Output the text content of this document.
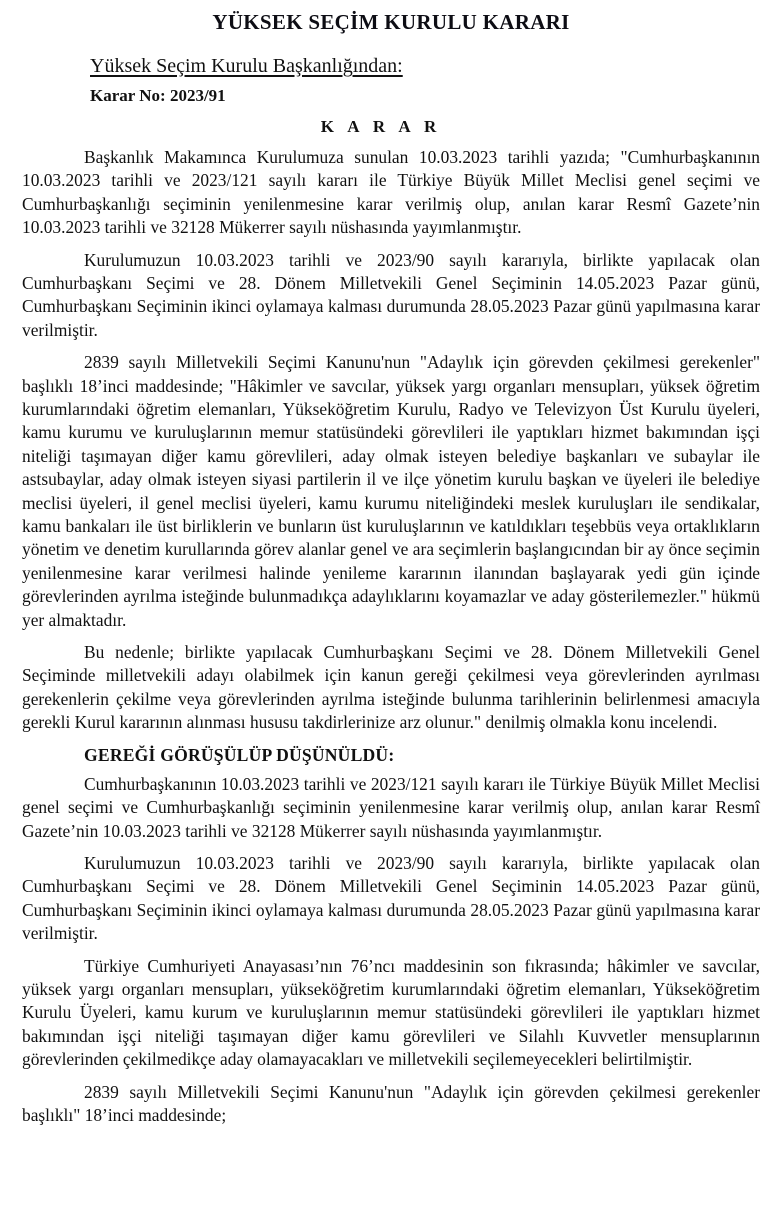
YÜKSEK SEÇİM KURULU KARARI
Yüksek Seçim Kurulu Başkanlığından:
Karar No: 2023/91
K A R A R

Başkanlık Makamınca Kurulumuza sunulan 10.03.2023 tarihli yazıda; "Cumhurbaşkanının 10.03.2023 tarihli ve 2023/121 sayılı kararı ile Türkiye Büyük Millet Meclisi genel seçimi ve Cumhurbaşkanlığı seçiminin yenilenmesine karar verilmiş olup, anılan karar Resmî Gazete’nin 10.03.2023 tarihli ve 32128 Mükerrer sayılı nüshasında yayımlanmıştır.

Kurulumuzun 10.03.2023 tarihli ve 2023/90 sayılı kararıyla, birlikte yapılacak olan Cumhurbaşkanı Seçimi ve 28. Dönem Milletvekili Genel Seçiminin 14.05.2023 Pazar günü, Cumhurbaşkanı Seçiminin ikinci oylamaya kalması durumunda 28.05.2023 Pazar günü yapılmasına karar verilmiştir.

2839 sayılı Milletvekili Seçimi Kanunu'nun "Adaylık için görevden çekilmesi gerekenler" başlıklı 18’inci maddesinde; "Hâkimler ve savcılar, yüksek yargı organları mensupları, yüksek öğretim kurumlarındaki öğretim elemanları, Yükseköğretim Kurulu, Radyo ve Televizyon Üst Kurulu üyeleri, kamu kurumu ve kuruluşlarının memur statüsündeki görevlileri ile yaptıkları hizmet bakımından işçi niteliği taşımayan diğer kamu görevlileri, aday olmak isteyen belediye başkanları ve subaylar ile astsubaylar, aday olmak isteyen siyasi partilerin il ve ilçe yönetim kurulu başkan ve üyeleri ile belediye meclisi üyeleri, il genel meclisi üyeleri, kamu kurumu niteliğindeki meslek kuruluşları ile sendikalar, kamu bankaları ile üst birliklerin ve bunların üst kuruluşlarının ve katıldıkları teşebbüs veya ortaklıkların yönetim ve denetim kurullarında görev alanlar genel ve ara seçimlerin başlangıcından bir ay önce seçimin yenilenmesine karar verilmesi halinde yenileme kararının ilanından başlayarak yedi gün içinde görevlerinden ayrılma isteğinde bulunmadıkça adaylıklarını koyamazlar ve aday gösterilemezler." hükmü yer almaktadır.

Bu nedenle; birlikte yapılacak Cumhurbaşkanı Seçimi ve 28. Dönem Milletvekili Genel Seçiminde milletvekili adayı olabilmek için kanun gereği çekilmesi veya görevlerinden ayrılması gerekenlerin çekilme veya görevlerinden ayrılma isteğinde bulunma tarihlerinin belirlenmesi amacıyla gerekli Kurul kararının alınması hususu takdirlerinize arz olunur." denilmiş olmakla konu incelendi.

GEREĞİ GÖRÜŞÜLÜP DÜŞÜNÜLDÜ:

Cumhurbaşkanının 10.03.2023 tarihli ve 2023/121 sayılı kararı ile Türkiye Büyük Millet Meclisi genel seçimi ve Cumhurbaşkanlığı seçiminin yenilenmesine karar verilmiş olup, anılan karar Resmî Gazete’nin 10.03.2023 tarihli ve 32128 Mükerrer sayılı nüshasında yayımlanmıştır.

Kurulumuzun 10.03.2023 tarihli ve 2023/90 sayılı kararıyla, birlikte yapılacak olan Cumhurbaşkanı Seçimi ve 28. Dönem Milletvekili Genel Seçiminin 14.05.2023 Pazar günü, Cumhurbaşkanı Seçiminin ikinci oylamaya kalması durumunda 28.05.2023 Pazar günü yapılmasına karar verilmiştir.

Türkiye Cumhuriyeti Anayasası’nın 76’ncı maddesinin son fıkrasında; hâkimler ve savcılar, yüksek yargı organları mensupları, yükseköğretim kurumlarındaki öğretim elemanları, Yükseköğretim Kurulu Üyeleri, kamu kurum ve kuruluşlarının memur statüsündeki görevlileri ile yaptıkları hizmet bakımından işçi niteliği taşımayan diğer kamu görevlileri ve Silahlı Kuvvetler mensuplarının görevlerinden çekilmedikçe aday olamayacakları ve milletvekili seçilemeyecekleri belirtilmiştir.

2839 sayılı Milletvekili Seçimi Kanunu'nun "Adaylık için görevden çekilmesi gerekenler başlıklı" 18’inci maddesinde;
